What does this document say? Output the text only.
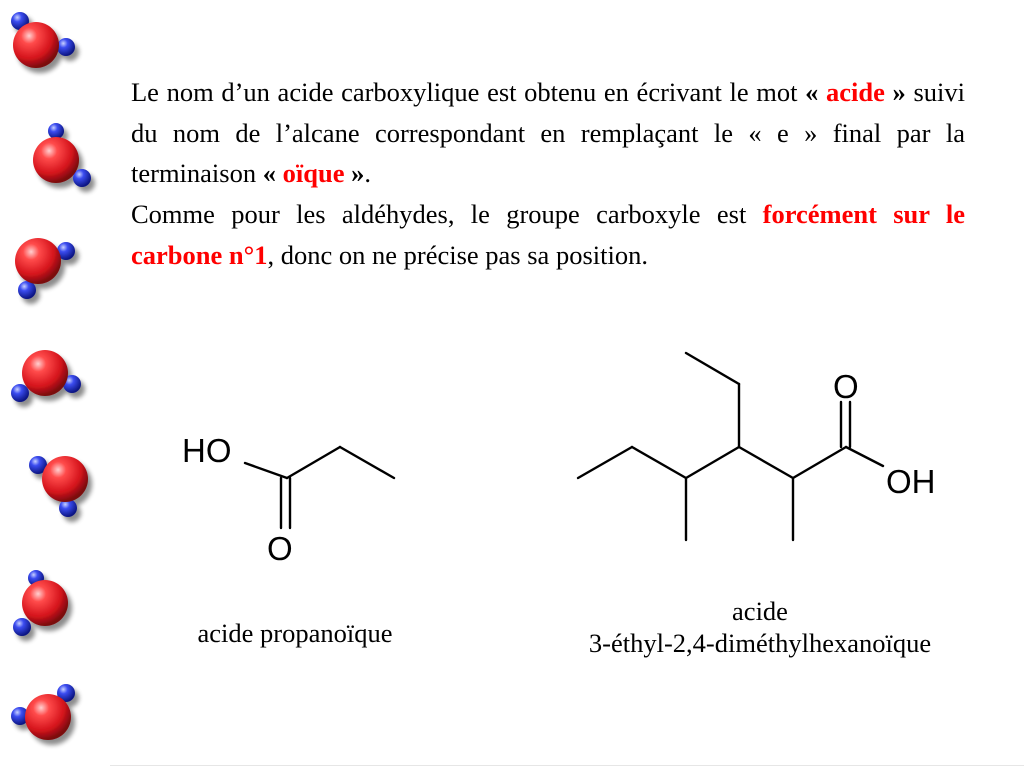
Le nom d’un acide carboxylique est obtenu en écrivant le mot « acide » suivi du nom de l’alcane correspondant en remplaçant le « e » final par la terminaison « oïque ».

Comme pour les aldéhydes, le groupe carboxyle est forcément sur le carbone n°1, donc on ne précise pas sa position.

HO
O
O
OH
acide propanoïque
acide
3-éthyl-2,4-diméthylhexanoïque
